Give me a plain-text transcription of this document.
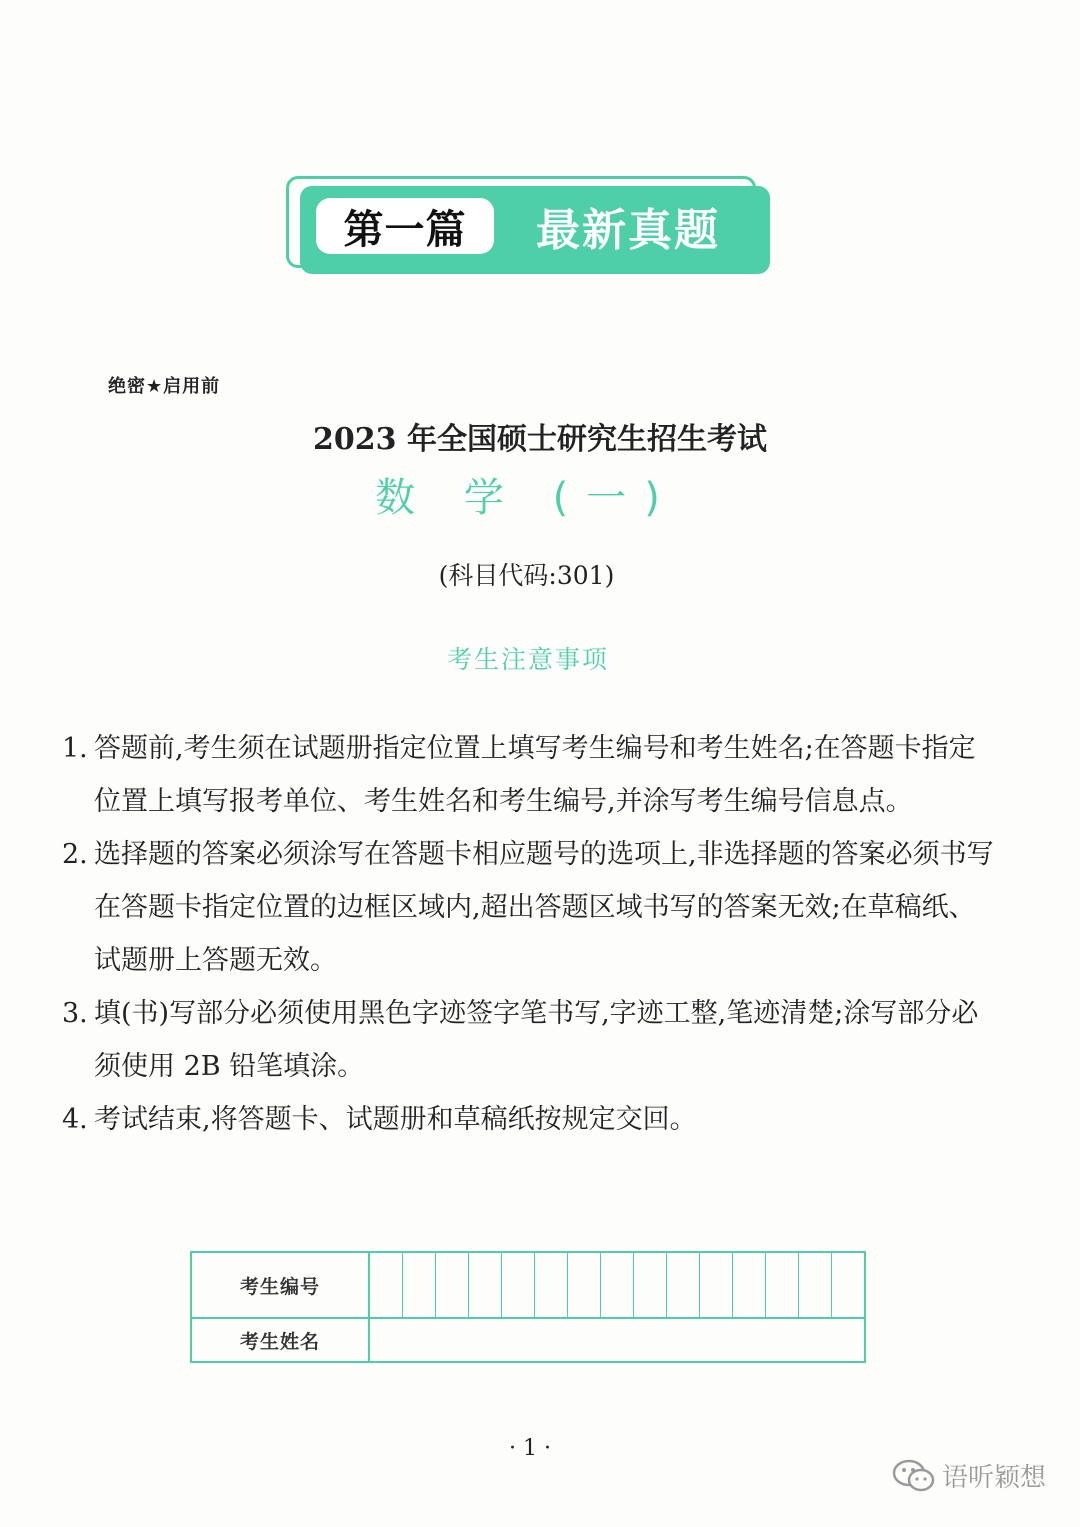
第一篇	最新真题
绝密★启用前
2023 年全国硕士研究生招生考试
数 学 (一)
(科目代码:301)
考生注意事项
1. 答题前,考生须在试题册指定位置上填写考生编号和考生姓名;在答题卡指定位置上填写报考单位、考生姓名和考生编号,并涂写考生编号信息点。
2. 选择题的答案必须涂写在答题卡相应题号的选项上,非选择题的答案必须书写在答题卡指定位置的边框区域内,超出答题区域书写的答案无效;在草稿纸、试题册上答题无效。
3. 填(书)写部分必须使用黑色字迹签字笔书写,字迹工整,笔迹清楚;涂写部分必须使用 2B 铅笔填涂。
4. 考试结束,将答题卡、试题册和草稿纸按规定交回。
考生编号
考生姓名
· 1 ·
语听颖想
